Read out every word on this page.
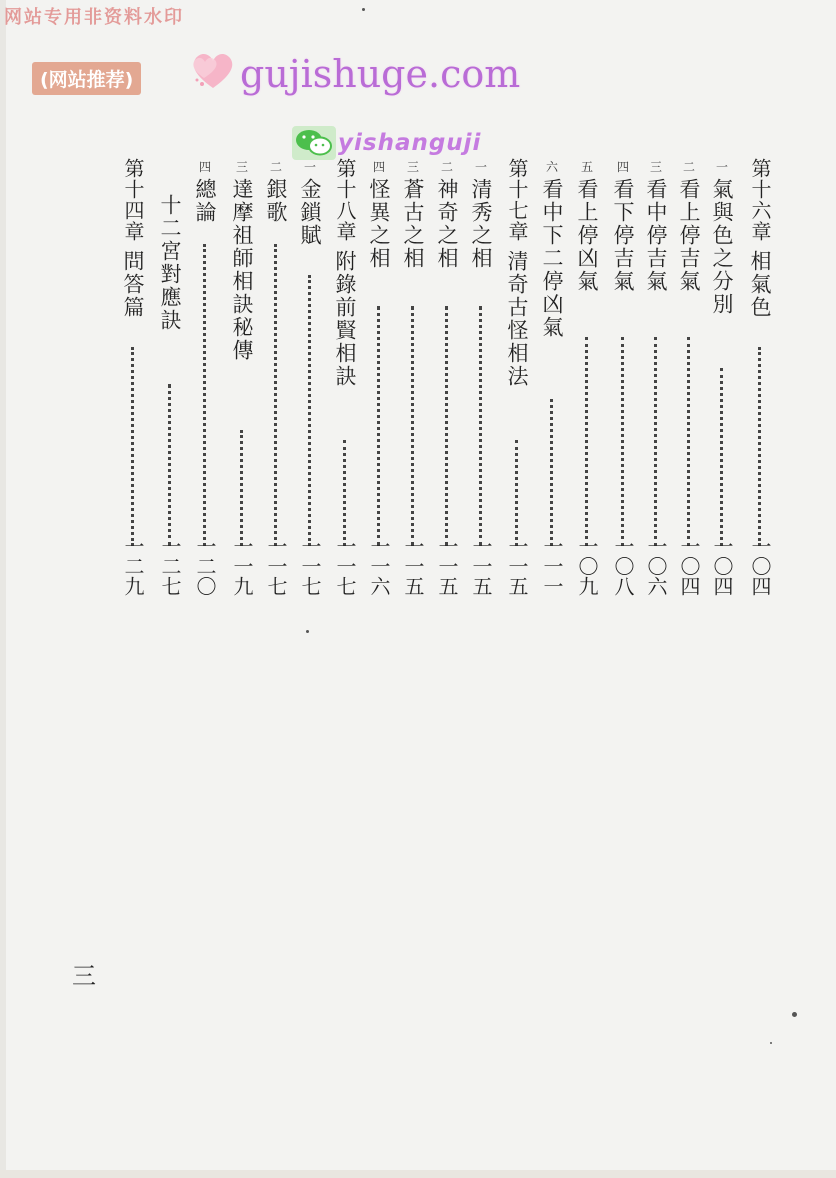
网站专用非资料水印
(网站推荐)	gujishuge.com
yishanguji
第十六章
相氣色
一〇四
一
氣與色之分別
一〇四
二
看上停吉氣
一〇四
三
看中停吉氣
一〇六
四
看下停吉氣
一〇八
五
看上停凶氣
一〇九
六
看中下二停凶氣
一一一
第十七章
清奇古怪相法
一一五
一
清秀之相
一一五
二
神奇之相
一一五
三
蒼古之相
一一五
四
怪異之相
一一六
第十八章
附錄前賢相訣
一一七
一
金鎖賦
一一七
二
銀歌
一一七
三
達摩祖師相訣秘傳
一一九
四
總論
一二〇
十二宮對應訣
一二七
第十四章
問答篇
一二九
三
